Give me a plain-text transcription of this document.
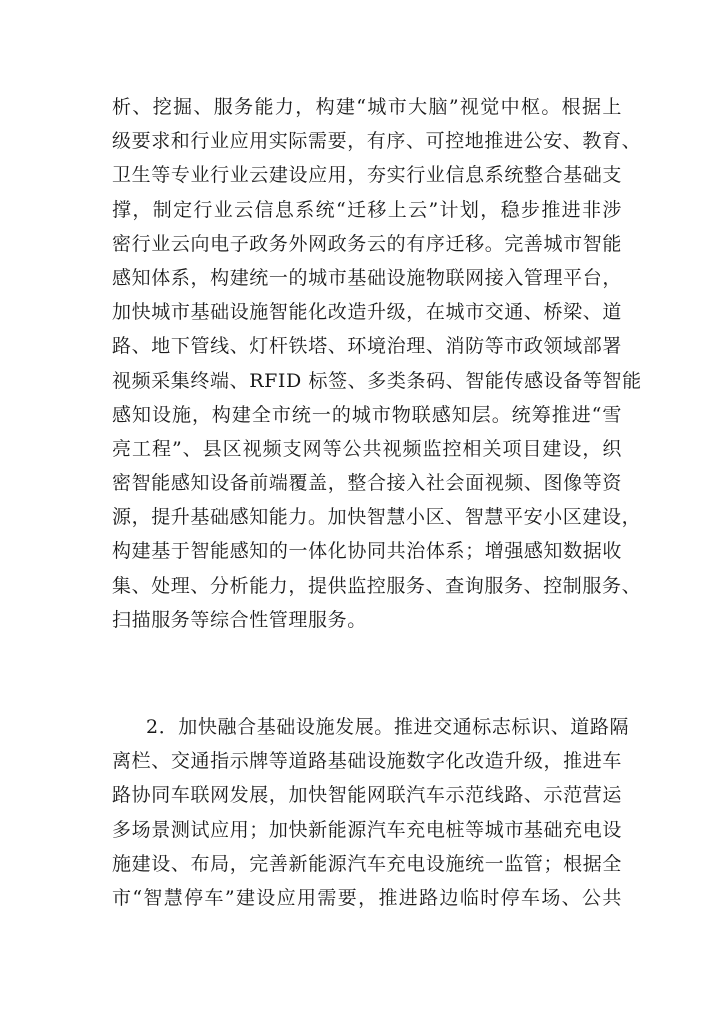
析、挖掘、服务能力，构建“城市大脑”视觉中枢。根据上
级要求和行业应用实际需要，有序、可控地推进公安、教育、
卫生等专业行业云建设应用，夯实行业信息系统整合基础支
撑，制定行业云信息系统“迁移上云”计划，稳步推进非涉
密行业云向电子政务外网政务云的有序迁移。完善城市智能
感知体系，构建统一的城市基础设施物联网接入管理平台，
加快城市基础设施智能化改造升级，在城市交通、桥梁、道
路、地下管线、灯杆铁塔、环境治理、消防等市政领域部署
视频采集终端、RFID 标签、多类条码、智能传感设备等智能
感知设施，构建全市统一的城市物联感知层。统筹推进“雪
亮工程”、县区视频支网等公共视频监控相关项目建设，织
密智能感知设备前端覆盖，整合接入社会面视频、图像等资
源，提升基础感知能力。加快智慧小区、智慧平安小区建设，
构建基于智能感知的一体化协同共治体系；增强感知数据收
集、处理、分析能力，提供监控服务、查询服务、控制服务、
扫描服务等综合性管理服务。
2．加快融合基础设施发展。推进交通标志标识、道路隔
离栏、交通指示牌等道路基础设施数字化改造升级，推进车
路协同车联网发展，加快智能网联汽车示范线路、示范营运
多场景测试应用；加快新能源汽车充电桩等城市基础充电设
施建设、布局，完善新能源汽车充电设施统一监管；根据全
市“智慧停车”建设应用需要，推进路边临时停车场、公共
